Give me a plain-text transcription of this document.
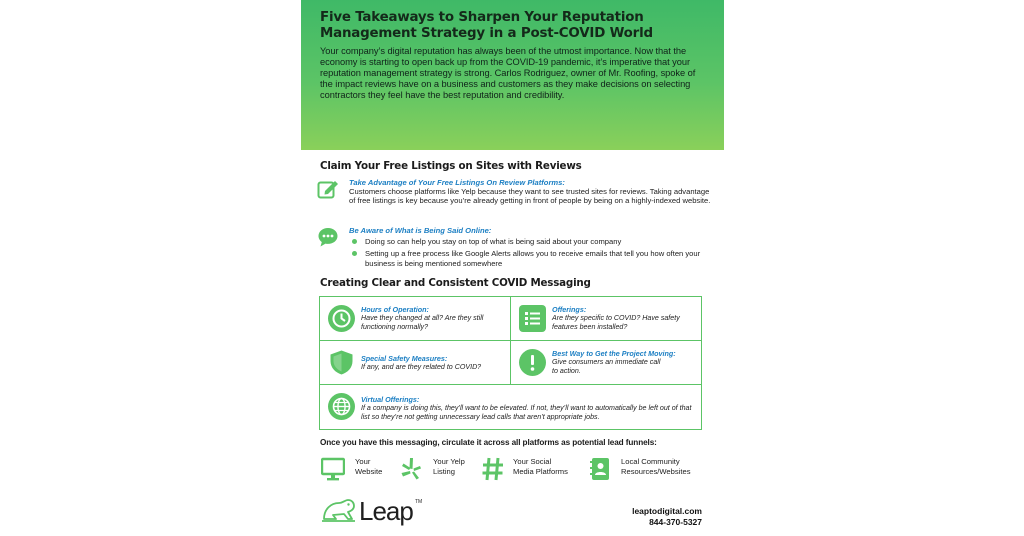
Five Takeaways to Sharpen Your Reputation
Management Strategy in a Post-COVID World

Your company’s digital reputation has always been of the utmost importance. Now that the economy is starting to open back up from the COVID-19 pandemic, it’s imperative that your reputation management strategy is strong. Carlos Rodriguez, owner of Mr. Roofing, spoke of the impact reviews have on a business and customers as they make decisions on selecting contractors they feel have the best reputation and credibility.

Claim Your Free Listings on Sites with Reviews
Take Advantage of Your Free Listings On Review Platforms:
Customers choose platforms like Yelp because they want to see trusted sites for reviews. Taking advantage of free listings is key because you’re already getting in front of people by being on a highly-indexed website.
Be Aware of What is Being Said Online:
Doing so can help you stay on top of what is being said about your company
Setting up a free process like Google Alerts allows you to receive emails that tell you how often your business is being mentioned somewhere
Creating Clear and Consistent COVID Messaging
Hours of Operation:
Have they changed at all? Are they still functioning normally?
Offerings:
Are they specific to COVID? Have safety features been installed?
Special Safety Measures:
If any, and are they related to COVID?
Best Way to Get the Project Moving:
Give consumers an immediate call to action.
Virtual Offerings:
If a company is doing this, they’ll want to be elevated. If not, they’ll want to automatically be left out of that list so they’re not getting unnecessary lead calls that aren’t appropriate jobs.
Once you have this messaging, circulate it across all platforms as potential lead funnels:
Your
Website
Your Yelp
Listing
Your Social
Media Platforms
Local Community
Resources/Websites
Leap TM
leaptodigital.com
844-370-5327
